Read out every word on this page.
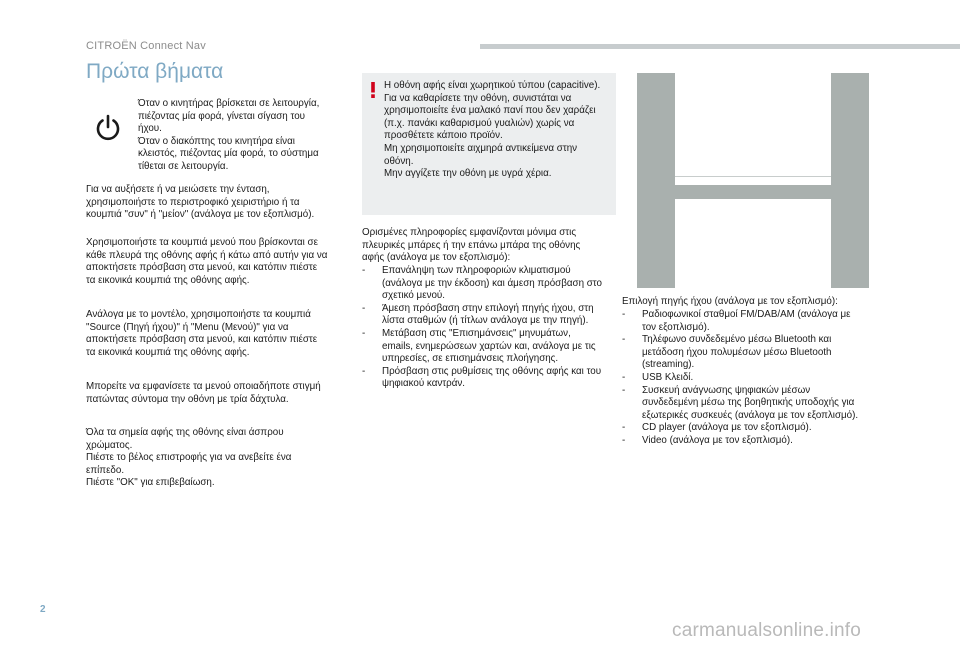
CITROËN Connect Nav
Πρώτα βήματα
Όταν ο κινητήρας βρίσκεται σε λειτουργία,
πιέζοντας μία φορά, γίνεται σίγαση του
ήχου.
Όταν ο διακόπτης του κινητήρα είναι
κλειστός, πιέζοντας μία φορά, το σύστημα
τίθεται σε λειτουργία.
Για να αυξήσετε ή να μειώσετε την ένταση,
χρησιμοποιήστε το περιστροφικό χειριστήριο ή τα
κουμπιά "συν" ή "μείον" (ανάλογα με τον εξοπλισμό).
Χρησιμοποιήστε τα κουμπιά μενού που βρίσκονται σε
κάθε πλευρά της οθόνης αφής ή κάτω από αυτήν για να
αποκτήσετε πρόσβαση στα μενού, και κατόπιν πιέστε
τα εικονικά κουμπιά της οθόνης αφής.
Ανάλογα με το μοντέλο, χρησιμοποιήστε τα κουμπιά
"Source (Πηγή ήχου)" ή "Menu (Μενού)" για να
αποκτήσετε πρόσβαση στα μενού, και κατόπιν πιέστε
τα εικονικά κουμπιά της οθόνης αφής.
Μπορείτε να εμφανίσετε τα μενού οποιαδήποτε στιγμή
πατώντας σύντομα την οθόνη με τρία δάχτυλα.
Όλα τα σημεία αφής της οθόνης είναι άσπρου
χρώματος.
Πιέστε το βέλος επιστροφής για να ανεβείτε ένα
επίπεδο.
Πιέστε "OK" για επιβεβαίωση.
Η οθόνη αφής είναι χωρητικού τύπου (capacitive).
Για να καθαρίσετε την οθόνη, συνιστάται να
χρησιμοποιείτε ένα μαλακό πανί που δεν χαράζει
(π.χ. πανάκι καθαρισμού γυαλιών) χωρίς να
προσθέτετε κάποιο προϊόν.
Μη χρησιμοποιείτε αιχμηρά αντικείμενα στην
οθόνη.
Μην αγγίζετε την οθόνη με υγρά χέρια.
Ορισμένες πληροφορίες εμφανίζονται μόνιμα στις
πλευρικές μπάρες ή την επάνω μπάρα της οθόνης
αφής (ανάλογα με τον εξοπλισμό):
- Επανάληψη των πληροφοριών κλιματισμού
(ανάλογα με την έκδοση) και άμεση πρόσβαση στο
σχετικό μενού.
- Άμεση πρόσβαση στην επιλογή πηγής ήχου, στη
λίστα σταθμών (ή τίτλων ανάλογα με την πηγή).
- Μετάβαση στις "Επισημάνσεις" μηνυμάτων,
emails, ενημερώσεων χαρτών και, ανάλογα με τις
υπηρεσίες, σε επισημάνσεις πλοήγησης.
- Πρόσβαση στις ρυθμίσεις της οθόνης αφής και του
ψηφιακού καντράν.
Επιλογή πηγής ήχου (ανάλογα με τον εξοπλισμό):
- Ραδιοφωνικοί σταθμοί FM/DAB/AM (ανάλογα με
τον εξοπλισμό).
- Τηλέφωνο συνδεδεμένο μέσω Bluetooth και
μετάδοση ήχου πολυμέσων μέσω Bluetooth
(streaming).
- USB Κλειδί.
- Συσκευή ανάγνωσης ψηφιακών μέσων
συνδεδεμένη μέσω της βοηθητικής υποδοχής για
εξωτερικές συσκευές (ανάλογα με τον εξοπλισμό).
- CD player (ανάλογα με τον εξοπλισμό).
- Video (ανάλογα με τον εξοπλισμό).
2
carmanualsonline.info
